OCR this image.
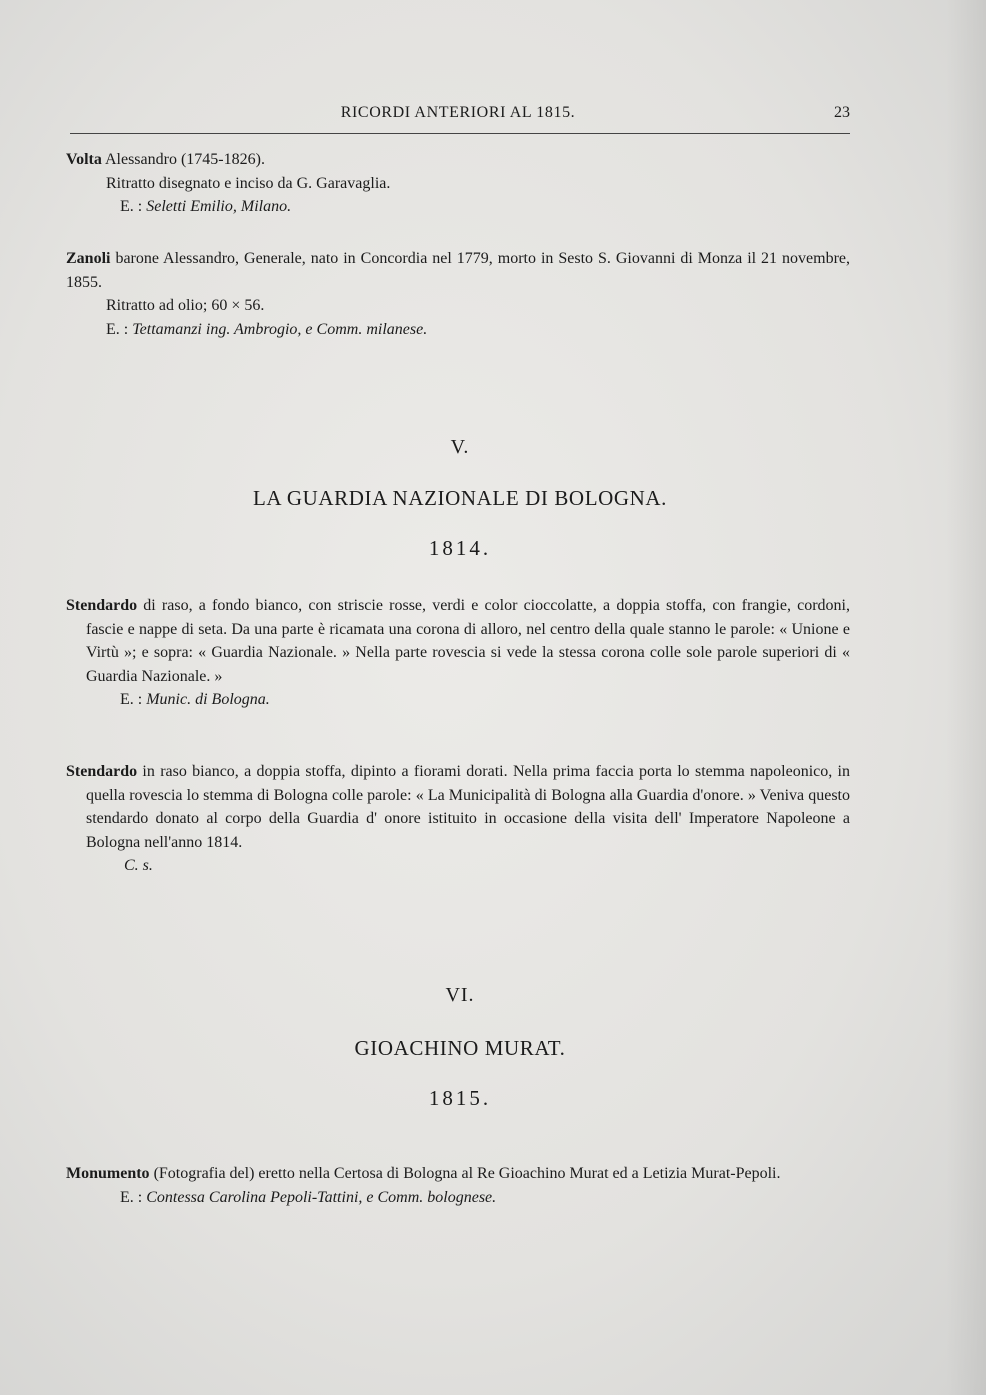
RICORDI ANTERIORI AL 1815.	23

Volta Alessandro (1745-1826).

Ritratto disegnato e inciso da G. Garavaglia.

E. : Seletti Emilio, Milano.

Zanoli barone Alessandro, Generale, nato in Concordia nel 1779, morto in Sesto S. Giovanni di Monza il 21 novembre, 1855.

Ritratto ad olio; 60 × 56.

E. : Tettamanzi ing. Ambrogio, e Comm. milanese.

V.
LA GUARDIA NAZIONALE DI BOLOGNA.
1814.

Stendardo di raso, a fondo bianco, con striscie rosse, verdi e color cioccolatte, a doppia stoffa, con frangie, cordoni, fascie e nappe di seta. Da una parte è ricamata una corona di alloro, nel centro della quale stanno le parole: « Unione e Virtù »; e sopra: « Guardia Nazionale. » Nella parte rovescia si vede la stessa corona colle sole parole superiori di « Guardia Nazionale. »

E. : Munic. di Bologna.

Stendardo in raso bianco, a doppia stoffa, dipinto a fiorami dorati. Nella prima faccia porta lo stemma napoleonico, in quella rovescia lo stemma di Bologna colle parole: « La Municipalità di Bologna alla Guardia d'onore. » Veniva questo stendardo donato al corpo della Guardia d' onore istituito in occasione della visita dell' Imperatore Napoleone a Bologna nell'anno 1814.

C. s.

VI.
GIOACHINO MURAT.
1815.

Monumento (Fotografia del) eretto nella Certosa di Bologna al Re Gioachino Murat ed a Letizia Murat-Pepoli.

E. : Contessa Carolina Pepoli-Tattini, e Comm. bolognese.
